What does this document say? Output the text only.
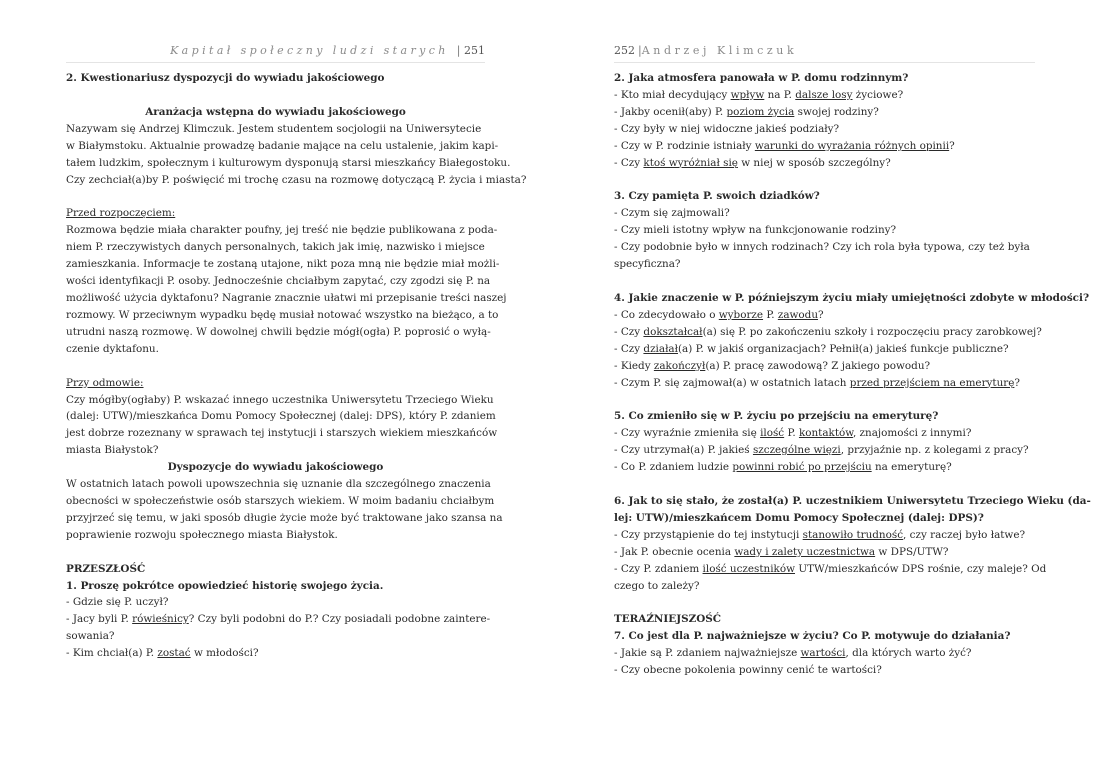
Kapitał społeczny ludzi starych | 251

2. Kwestionariusz dyspozycji do wywiadu jakościowego

Aranżacja wstępna do wywiadu jakościowego

Nazywam się Andrzej Klimczuk. Jestem studentem socjologii na Uniwersytecie

w Białymstoku. Aktualnie prowadzę badanie mające na celu ustalenie, jakim kapi-

tałem ludzkim, społecznym i kulturowym dysponują starsi mieszkańcy Białegostoku.

Czy zechciał(a)by P. poświęcić mi trochę czasu na rozmowę dotyczącą P. życia i miasta?

Przed rozpoczęciem:

Rozmowa będzie miała charakter poufny, jej treść nie będzie publikowana z poda-

niem P. rzeczywistych danych personalnych, takich jak imię, nazwisko i miejsce

zamieszkania. Informacje te zostaną utajone, nikt poza mną nie będzie miał możli-

wości identyfikacji P. osoby. Jednocześnie chciałbym zapytać, czy zgodzi się P. na

możliwość użycia dyktafonu? Nagranie znacznie ułatwi mi przepisanie treści naszej

rozmowy. W przeciwnym wypadku będę musiał notować wszystko na bieżąco, a to

utrudni naszą rozmowę. W dowolnej chwili będzie mógł(ogła) P. poprosić o wyłą-

czenie dyktafonu.

Przy odmowie:

Czy mógłby(ogłaby) P. wskazać innego uczestnika Uniwersytetu Trzeciego Wieku

(dalej: UTW)/mieszkańca Domu Pomocy Społecznej (dalej: DPS), który P. zdaniem

jest dobrze rozeznany w sprawach tej instytucji i starszych wiekiem mieszkańców

miasta Białystok?

Dyspozycje do wywiadu jakościowego

W ostatnich latach powoli upowszechnia się uznanie dla szczególnego znaczenia

obecności w społeczeństwie osób starszych wiekiem. W moim badaniu chciałbym

przyjrzeć się temu, w jaki sposób długie życie może być traktowane jako szansa na

poprawienie rozwoju społecznego miasta Białystok.

PRZESZŁOŚĆ

1. Proszę pokrótce opowiedzieć historię swojego życia.

- Gdzie się P. uczył?

- Jacy byli P. rówieśnicy? Czy byli podobni do P.? Czy posiadali podobne zaintere-

sowania?

- Kim chciał(a) P. zostać w młodości?

252 |Andrzej Klimczuk

2. Jaka atmosfera panowała w P. domu rodzinnym?

- Kto miał decydujący wpływ na P. dalsze losy życiowe?

- Jakby ocenił(aby) P. poziom życia swojej rodziny?

- Czy były w niej widoczne jakieś podziały?

- Czy w P. rodzinie istniały warunki do wyrażania różnych opinii?

- Czy ktoś wyróżniał się w niej w sposób szczególny?

3. Czy pamięta P. swoich dziadków?

- Czym się zajmowali?

- Czy mieli istotny wpływ na funkcjonowanie rodziny?

- Czy podobnie było w innych rodzinach? Czy ich rola była typowa, czy też była

specyficzna?

4. Jakie znaczenie w P. późniejszym życiu miały umiejętności zdobyte w młodości?

- Co zdecydowało o wyborze P. zawodu?

- Czy dokształcał(a) się P. po zakończeniu szkoły i rozpoczęciu pracy zarobkowej?

- Czy działał(a) P. w jakiś organizacjach? Pełnił(a) jakieś funkcje publiczne?

- Kiedy zakończył(a) P. pracę zawodową? Z jakiego powodu?

- Czym P. się zajmował(a) w ostatnich latach przed przejściem na emeryturę?

5. Co zmieniło się w P. życiu po przejściu na emeryturę?

- Czy wyraźnie zmieniła się ilość P. kontaktów, znajomości z innymi?

- Czy utrzymał(a) P. jakieś szczególne więzi, przyjaźnie np. z kolegami z pracy?

- Co P. zdaniem ludzie powinni robić po przejściu na emeryturę?

6. Jak to się stało, że został(a) P. uczestnikiem Uniwersytetu Trzeciego Wieku (da-

lej: UTW)/mieszkańcem Domu Pomocy Społecznej (dalej: DPS)?

- Czy przystąpienie do tej instytucji stanowiło trudność, czy raczej było łatwe?

- Jak P. obecnie ocenia wady i zalety uczestnictwa w DPS/UTW?

- Czy P. zdaniem ilość uczestników UTW/mieszkańców DPS rośnie, czy maleje? Od

czego to zależy?

TERAŹNIEJSZOŚĆ

7. Co jest dla P. najważniejsze w życiu? Co P. motywuje do działania?

- Jakie są P. zdaniem najważniejsze wartości, dla których warto żyć?

- Czy obecne pokolenia powinny cenić te wartości?
